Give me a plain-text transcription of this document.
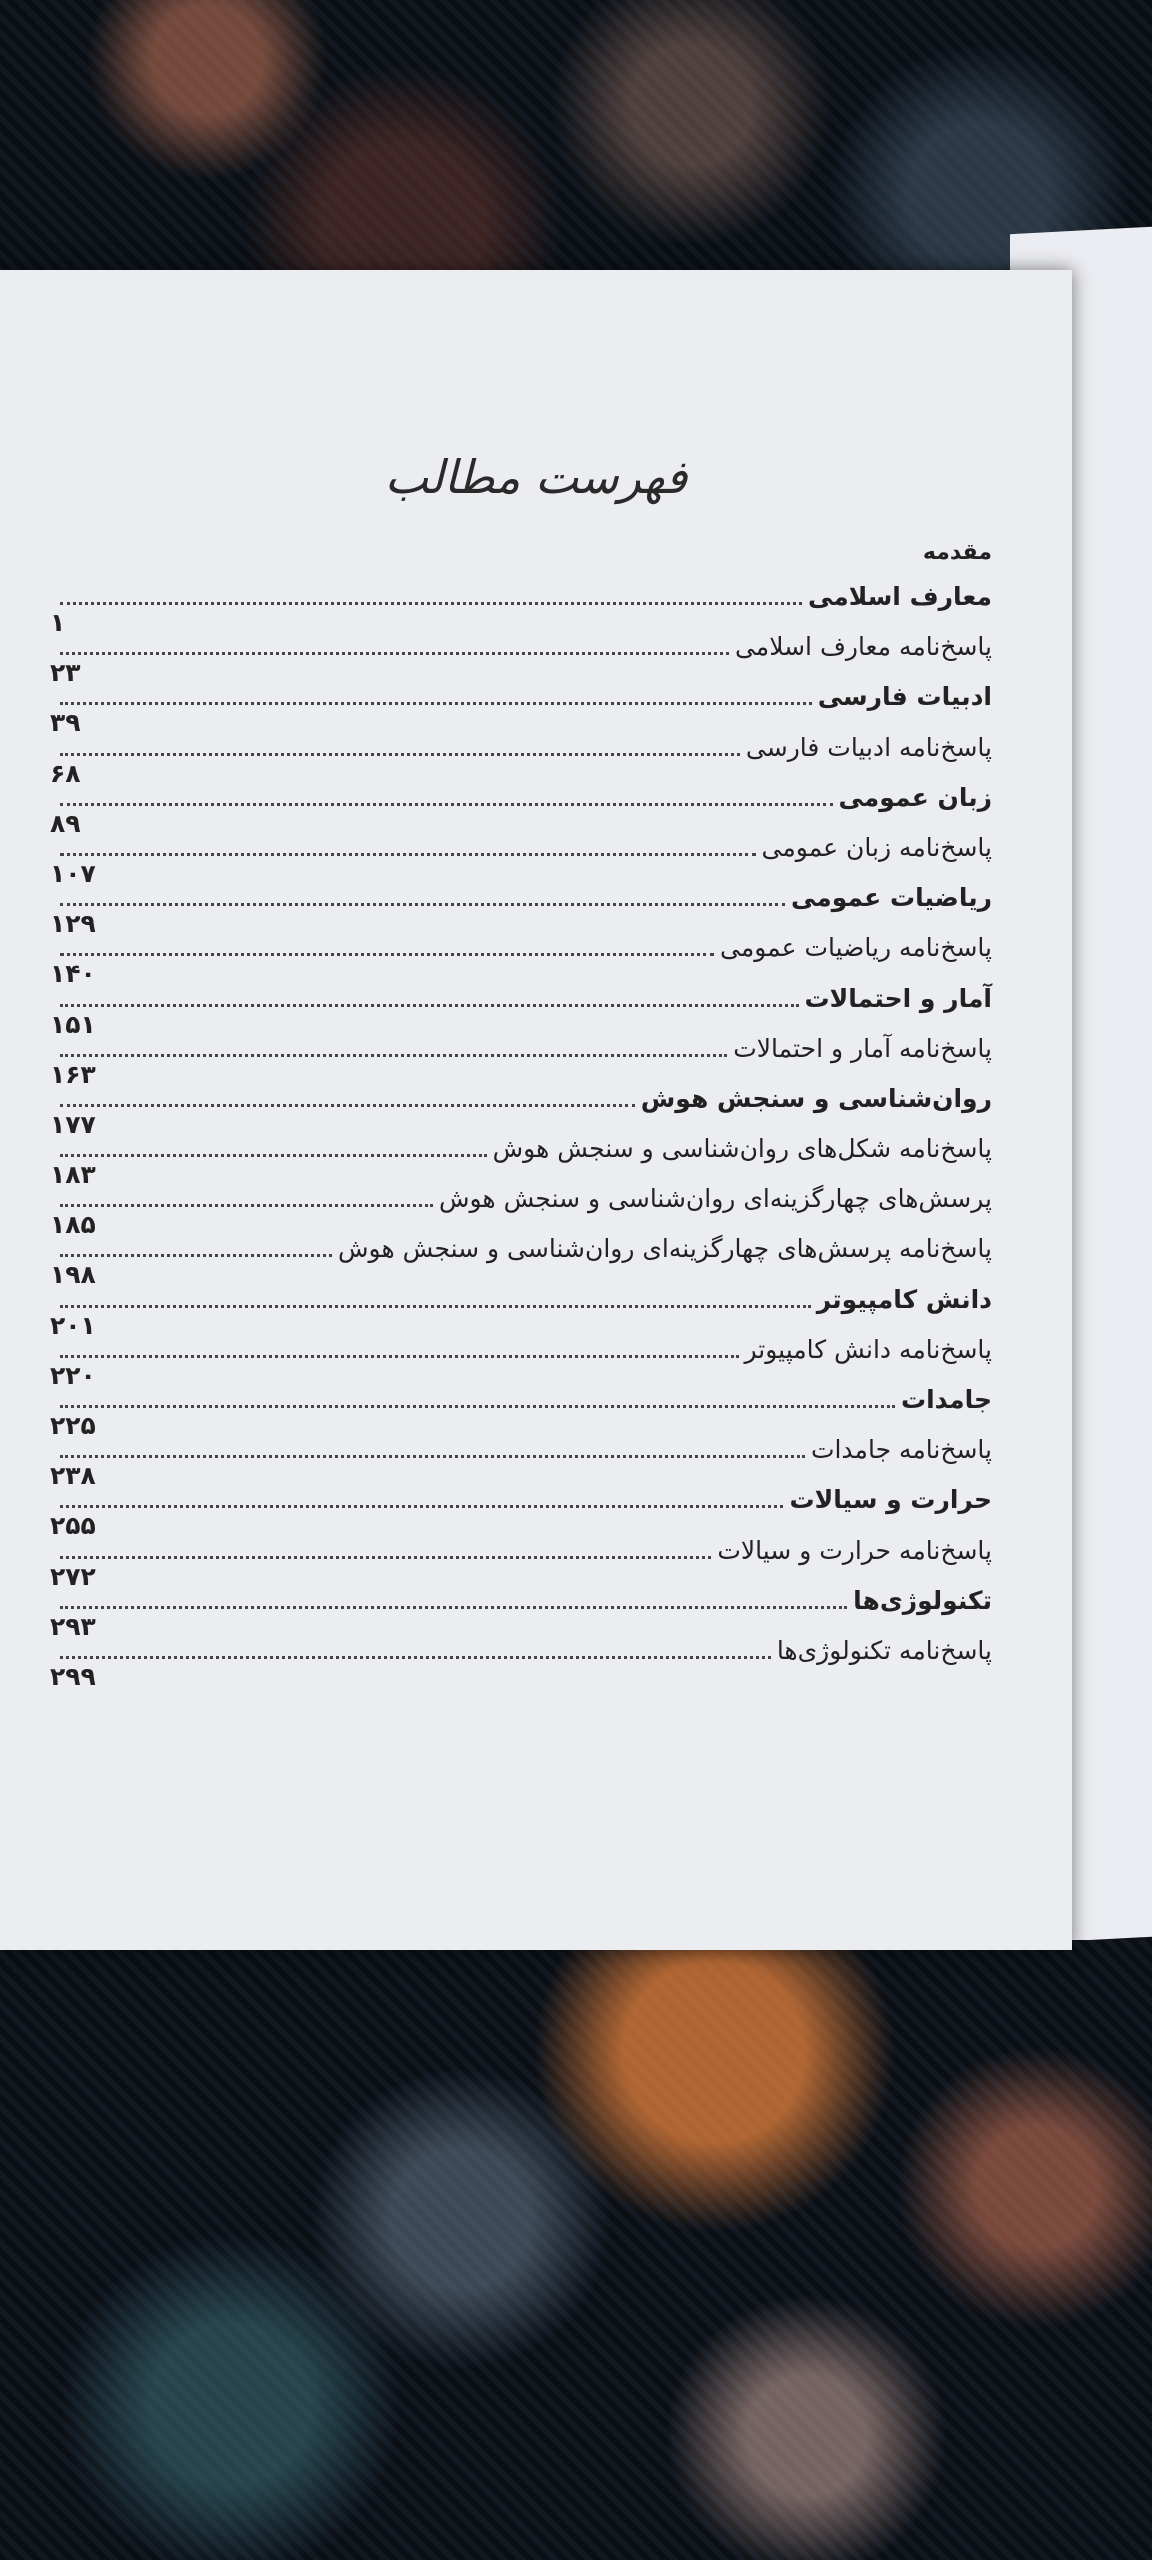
فهرست مطالب
مقدمه
معارف اسلامی
۱
پاسخ‌نامه معارف اسلامی
۲۳
ادبیات فارسی
۳۹
پاسخ‌نامه ادبیات فارسی
۶۸
زبان عمومی
۸۹
پاسخ‌نامه زبان عمومی
۱۰۷
ریاضیات عمومی
۱۲۹
پاسخ‌نامه ریاضیات عمومی
۱۴۰
آمار و احتمالات
۱۵۱
پاسخ‌نامه آمار و احتمالات
۱۶۳
روان‌شناسی و سنجش هوش
۱۷۷
پاسخ‌نامه شکل‌های روان‌شناسی و سنجش هوش
۱۸۳
پرسش‌های چهارگزینه‌ای روان‌شناسی و سنجش هوش
۱۸۵
پاسخ‌نامه پرسش‌های چهارگزینه‌ای روان‌شناسی و سنجش هوش
۱۹۸
دانش کامپیوتر
۲۰۱
پاسخ‌نامه دانش کامپیوتر
۲۲۰
جامدات
۲۲۵
پاسخ‌نامه جامدات
۲۳۸
حرارت و سیالات
۲۵۵
پاسخ‌نامه حرارت و سیالات
۲۷۲
تکنولوژی‌ها
۲۹۳
پاسخ‌نامه تکنولوژی‌ها
۲۹۹
